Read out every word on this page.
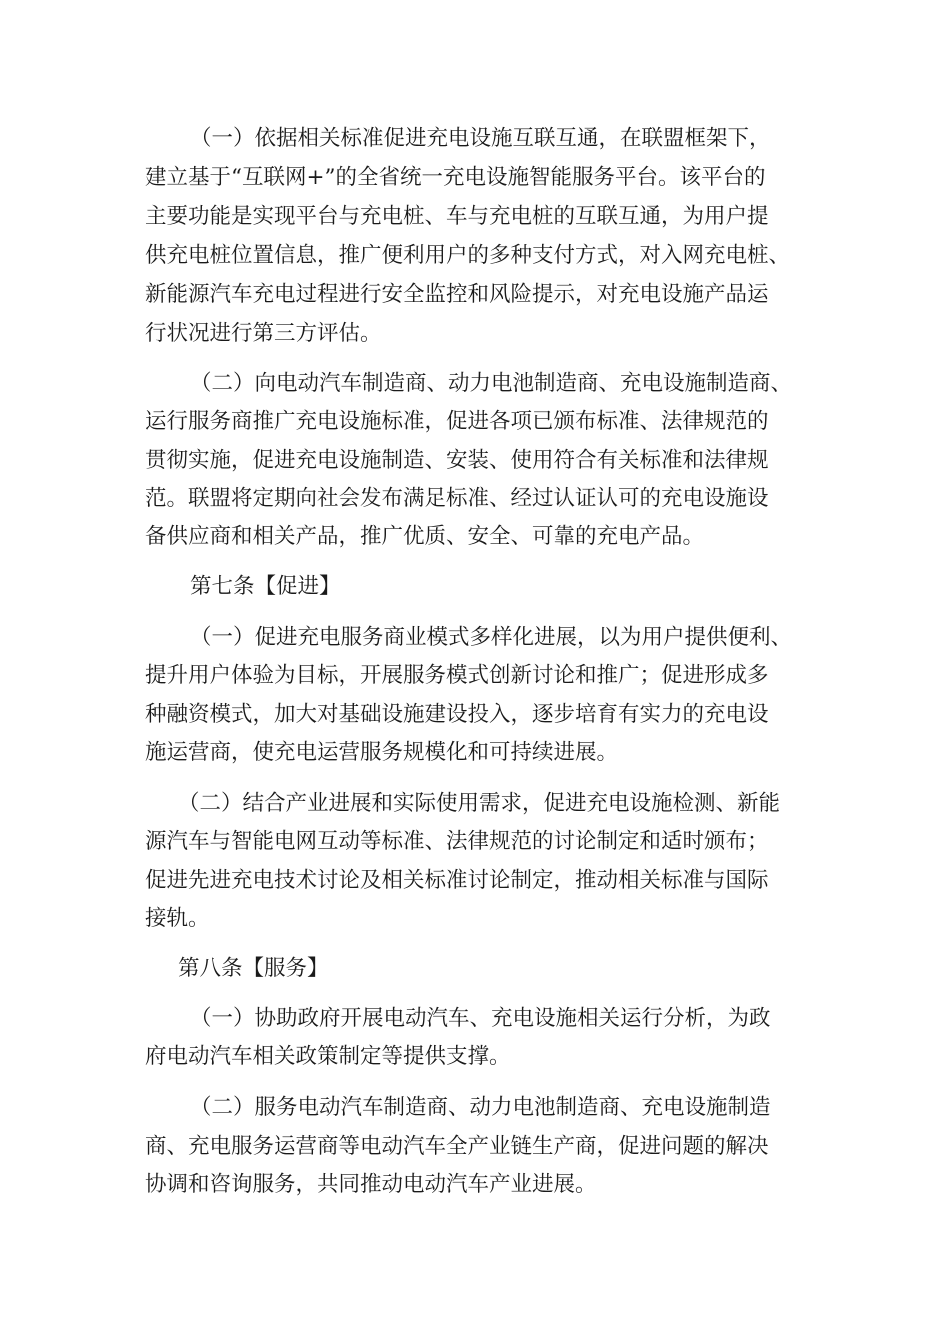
（一）依据相关标准促进充电设施互联互通，在联盟框架下，
建立基于“互联网+”的全省统一充电设施智能服务平台。该平台的
主要功能是实现平台与充电桩、车与充电桩的互联互通，为用户提
供充电桩位置信息，推广便利用户的多种支付方式，对入网充电桩、
新能源汽车充电过程进行安全监控和风险提示，对充电设施产品运
行状况进行第三方评估。
（二）向电动汽车制造商、动力电池制造商、充电设施制造商、
运行服务商推广充电设施标准，促进各项已颁布标准、法律规范的
贯彻实施，促进充电设施制造、安装、使用符合有关标准和法律规
范。联盟将定期向社会发布满足标准、经过认证认可的充电设施设
备供应商和相关产品，推广优质、安全、可靠的充电产品。
第七条【促进】
（一）促进充电服务商业模式多样化进展，以为用户提供便利、
提升用户体验为目标，开展服务模式创新讨论和推广；促进形成多
种融资模式，加大对基础设施建设投入，逐步培育有实力的充电设
施运营商，使充电运营服务规模化和可持续进展。
（二）结合产业进展和实际使用需求，促进充电设施检测、新能
源汽车与智能电网互动等标准、法律规范的讨论制定和适时颁布；
促进先进充电技术讨论及相关标准讨论制定，推动相关标准与国际
接轨。
第八条【服务】
（一）协助政府开展电动汽车、充电设施相关运行分析，为政
府电动汽车相关政策制定等提供支撑。
（二）服务电动汽车制造商、动力电池制造商、充电设施制造
商、充电服务运营商等电动汽车全产业链生产商，促进问题的解决
协调和咨询服务，共同推动电动汽车产业进展。
